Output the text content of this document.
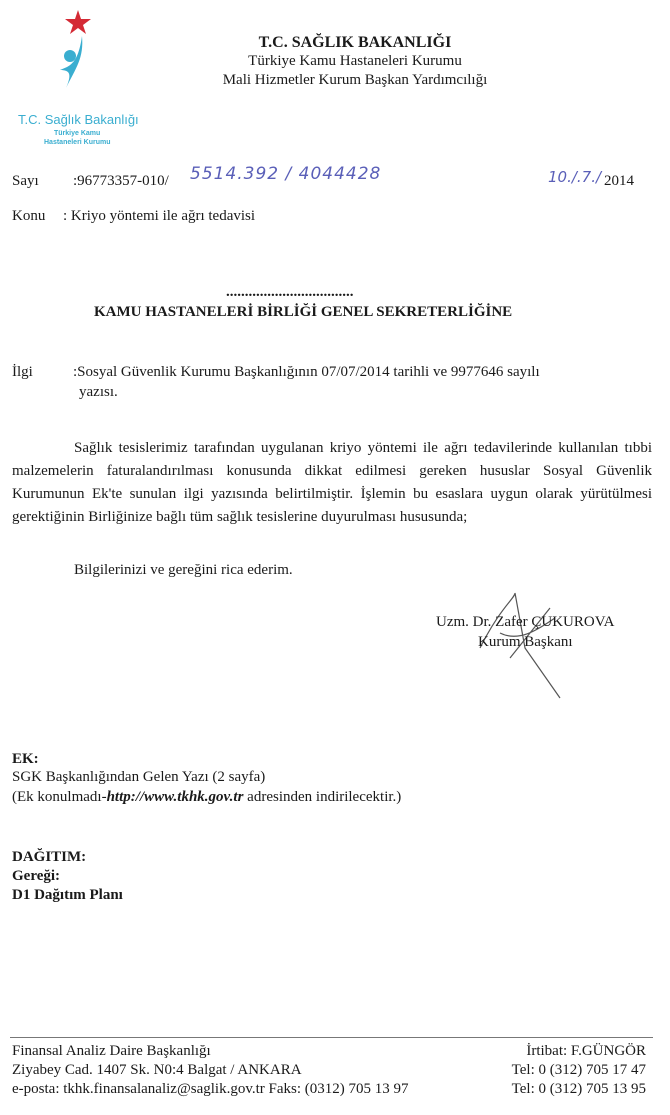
T.C. Sağlık Bakanlığı
Türkiye Kamu
Hastaneleri Kurumu
T.C. SAĞLIK BAKANLIĞI
Türkiye Kamu Hastaneleri Kurumu
Mali Hizmetler Kurum Başkan Yardımcılığı
Sayı :96773357-010/ 5514.392 / 4044428	10./.7./ 2014
Konu : Kriyo yöntemi ile ağrı tedavisi
..................................
KAMU HASTANELERİ BİRLİĞİ GENEL SEKRETERLİĞİNE
İlgi	:Sosyal Güvenlik Kurumu Başkanlığının 07/07/2014 tarihli ve 9977646 sayılı
yazısı.
Sağlık tesislerimiz tarafından uygulanan kriyo yöntemi ile ağrı tedavilerinde kullanılan tıbbi malzemelerin faturalandırılması konusunda dikkat edilmesi gereken hususlar Sosyal Güvenlik Kurumunun Ek'te sunulan ilgi yazısında belirtilmiştir. İşlemin bu esaslara uygun olarak yürütülmesi gerektiğinin Birliğinize bağlı tüm sağlık tesislerine duyurulması hususunda;
Bilgilerinizi ve gereğini rica ederim.
Uzm. Dr. Zafer ÇUKUROVA
Kurum Başkanı
EK:
SGK Başkanlığından Gelen Yazı (2 sayfa)
(Ek konulmadı-http://www.tkhk.gov.tr adresinden indirilecektir.)
DAĞITIM:
Gereği:
D1 Dağıtım Planı
Finansal Analiz Daire Başkanlığı
Ziyabey Cad. 1407 Sk. N0:4 Balgat / ANKARA
e-posta: tkhk.finansalanaliz@saglik.gov.tr Faks: (0312) 705 13 97
İrtibat: F.GÜNGÖR
Tel: 0 (312) 705 17 47
Tel: 0 (312) 705 13 95
